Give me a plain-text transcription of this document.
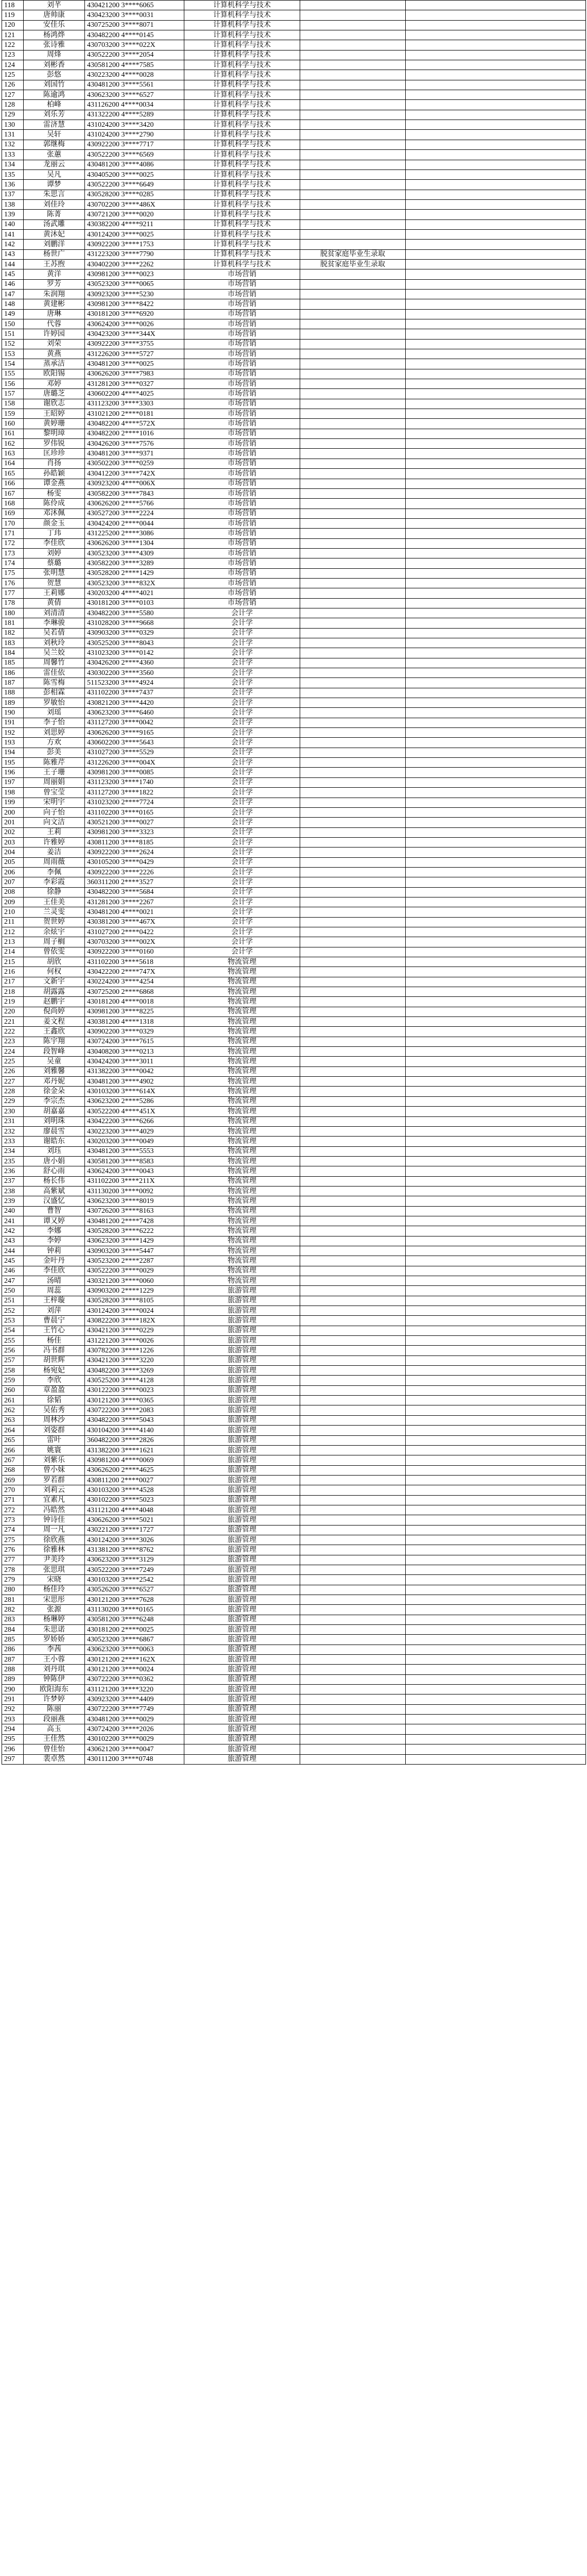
118	刘芊	430421200 3****6065	计算机科学与技术		
119	唐帅康	430423200 3****0031	计算机科学与技术		
120	安佳乐	430725200 3****8071	计算机科学与技术		
121	杨鸿烨	430482200 4****0145	计算机科学与技术		
122	张诗雅	430703200 3****022X	计算机科学与技术		
123	周烽	430522200 3****2054	计算机科学与技术		
124	刘彬香	430581200 4****7585	计算机科学与技术		
125	彭悠	430223200 4****0028	计算机科学与技术		
126	刘国竹	430481200 3****5561	计算机科学与技术		
127	陈逾鸿	430623200 3****6527	计算机科学与技术		
128	柏峰	431126200 4****0034	计算机科学与技术		
129	刘乐芳	431322200 4****5289	计算机科学与技术		
130	雷济慧	431024200 3****3420	计算机科学与技术		
131	吴轩	431024200 3****2790	计算机科学与技术		
132	郭继梅	430922200 3****7717	计算机科学与技术		
133	张蕙	430522200 3****6569	计算机科学与技术		
134	龙丽云	430481200 3****4086	计算机科学与技术		
135	吴凡	430405200 3****0025	计算机科学与技术		
136	谭梦	430522200 3****6649	计算机科学与技术		
137	朱思言	430528200 3****0285	计算机科学与技术		
138	刘佳玲	430702200 3****486X	计算机科学与技术		
139	陈菁	430721200 3****0020	计算机科学与技术		
140	汤武雕	430382200 4****9211	计算机科学与技术		
141	黄沐妃	430124200 3****0025	计算机科学与技术		
142	刘鹏洋	430922200 3****1753	计算机科学与技术		
143	杨世广	431223200 3****7790	计算机科学与技术	脱贫家庭毕业生录取	
144	王苏煦	430402200 3****2262	计算机科学与技术	脱贫家庭毕业生录取	
145	黄洋	430981200 3****0023	市场营销		
146	罗芳	430523200 3****0065	市场营销		
147	朱润翔	430923200 3****5230	市场营销		
148	黄建彬	430981200 3****8422	市场营销		
149	唐琳	430181200 3****6920	市场营销		
150	代蓉	430624200 3****0026	市场营销		
151	许婷园	430423200 3****344X	市场营销		
152	刘荣	430922200 3****3755	市场营销		
153	黄燕	431226200 3****5727	市场营销		
154	蒸承洁	430481200 3****0025	市场营销		
155	欧阳锡	430626200 3****7983	市场营销		
156	邓婷	431281200 3****0327	市场营销		
157	唐璐芝	430602200 4****4025	市场营销		
158	谢欣志	431123200 3****3303	市场营销		
159	王昭婷	431021200 2****0181	市场营销		
160	黄婷珊	430482200 4****572X	市场营销		
161	黎明璋	430482200 2****1016	市场营销		
162	罗伟锐	430426200 3****7576	市场营销		
163	匡珍珍	430481200 3****9371	市场营销		
164	肖扬	430502200 3****0259	市场营销		
165	孙皓颖	430412200 3****742X	市场营销		
166	谭金燕	430923200 4****006X	市场营销		
167	杨雯	430582200 3****7843	市场营销		
168	陈伶成	430626200 2****5766	市场营销		
169	邓沐佩	430527200 3****2224	市场营销		
170	颜金玉	430424200 2****0044	市场营销		
171	丁玮	431225200 2****3086	市场营销		
172	李佳欣	430626200 3****1304	市场营销		
173	刘婷	430523200 3****4309	市场营销		
174	蔡璐	430582200 3****3289	市场营销		
175	张明慧	430528200 2****1429	市场营销		
176	贺慧	430523200 3****832X	市场营销		
177	王莉娜	430203200 4****4021	市场营销		
178	黄倩	430181200 3****0103	市场营销		
180	刘清清	430482200 3****5580	会计学		
181	李琳骏	431028200 3****9668	会计学		
182	吴若倩	430903200 3****0329	会计学		
183	刘秋玲	430525200 3****8043	会计学		
184	吴兰姣	431023200 3****0142	会计学		
185	周馨竹	430426200 2****4360	会计学		
186	雷佳依	430302200 3****3560	会计学		
187	陈雪梅	511523200 3****4924	会计学		
188	彭相霖	431102200 3****7437	会计学		
189	罗敏怡	430821200 3****4420	会计学		
190	刘瑶	430623200 3****6460	会计学		
191	李子怡	431127200 3****0042	会计学		
192	刘思婷	430626200 3****9165	会计学		
193	方欢	430602200 3****5643	会计学		
194	彭美	431027200 3****5529	会计学		
195	陈雅芹	431226200 3****004X	会计学		
196	王子珊	430981200 3****0085	会计学		
197	周丽娟	431123200 3****1740	会计学		
198	曾宝莹	431127200 3****1822	会计学		
199	宋明宇	431023200 2****7724	会计学		
200	向子怡	431102200 3****0165	会计学		
201	向文洁	430521200 3****0027	会计学		
202	王莉	430981200 3****3323	会计学		
203	许雅婷	430811200 3****8185	会计学		
204	姜洁	430922200 3****2624	会计学		
205	周雨薇	430105200 3****0429	会计学		
206	李佩	430922200 3****2226	会计学		
207	李彩霞	360311200 2****3527	会计学		
208	徐静	430482200 3****5684	会计学		
209	王佳美	431281200 3****2267	会计学		
210	兰灵雯	430481200 4****0021	会计学		
211	贺世婷	430381200 3****467X	会计学		
212	余炫宇	431027200 2****0422	会计学		
213	周子榈	430703200 3****002X	会计学		
214	曾依雯	430922200 3****0160	会计学		
215	胡欣	431102200 3****5618	物流管理		
216	何权	430422200 2****747X	物流管理		
217	文新宇	430224200 3****4254	物流管理		
218	胡露露	430725200 2****6868	物流管理		
219	赵鹏宇	430181200 4****0018	物流管理		
220	倪尚婷	430981200 3****8225	物流管理		
221	姜文程	430381200 4****1318	物流管理		
222	王鑫欣	430902200 3****0329	物流管理		
223	陈宇翔	430724200 3****7615	物流管理		
224	段智峰	430408200 3****0213	物流管理		
225	吴童	430424200 3****3011	物流管理		
226	刘雅馨	431382200 3****0042	物流管理		
227	邓丹妮	430481200 3****4902	物流管理		
228	徐金朵	430103200 3****614X	物流管理		
229	李宗杰	430623200 2****5286	物流管理		
230	胡嘉嘉	430522200 4****451X	物流管理		
231	刘明珠	430422200 3****6266	物流管理		
232	廖晨雪	430223200 3****4029	物流管理		
233	谢皓东	430203200 3****0049	物流管理		
234	刘珏	430481200 3****5553	物流管理		
235	唐小娟	430581200 3****8583	物流管理		
236	舒心雨	430624200 3****0043	物流管理		
237	杨长伟	431102200 3****211X	物流管理		
238	高紫斌	431130200 3****0092	物流管理		
239	汉盛忆	430623200 3****8019	物流管理		
240	曹智	430726200 3****8163	物流管理		
241	谭又婷	430481200 2****7428	物流管理		
242	李娜	430528200 3****6222	物流管理		
243	李婷	430623200 3****1429	物流管理		
244	钟莉	430903200 3****5447	物流管理		
245	金叶丹	430523200 2****2287	物流管理		
246	李佳欣	430522200 3****0029	物流管理		
247	汤晴	430321200 3****0060	物流管理		
250	周蕊	430903200 2****1229	旅游管理		
251	王梓璇	430528200 3****8105	旅游管理		
252	刘萍	430124200 3****0024	旅游管理		
253	曹晨宁	430822200 3****182X	旅游管理		
254	王竹心	430421200 3****0229	旅游管理		
255	杨佳	431221200 3****0026	旅游管理		
256	冯书群	430782200 3****1226	旅游管理		
257	胡世辉	430421200 3****3220	旅游管理		
258	杨宛妃	430482200 3****3269	旅游管理		
259	李欣	430525200 3****4128	旅游管理		
260	章盈盈	430122200 3****0023	旅游管理		
261	徐韬	430121200 3****0365	旅游管理		
262	吴佑秀	430722200 3****2083	旅游管理		
263	周林沙	430482200 3****5043	旅游管理		
264	刘姿群	430104200 3****4140	旅游管理		
265	雷叶	360482200 3****2826	旅游管理		
266	姚寰	431382200 3****1621	旅游管理		
267	刘紫乐	430981200 4****0069	旅游管理		
268	曾小妹	430626200 2****4625	旅游管理		
269	罗若群	430811200 2****0027	旅游管理		
270	刘莉云	430103200 3****4528	旅游管理		
271	宜素凡	430102200 3****5023	旅游管理		
272	冯皓然	431121200 4****4048	旅游管理		
273	钟诗佳	430626200 3****5021	旅游管理		
274	周一凡	430221200 3****1727	旅游管理		
275	徐欣燕	430124200 3****3026	旅游管理		
276	徐雅林	431381200 3****8762	旅游管理		
277	尹美玲	430623200 3****3129	旅游管理		
278	张思琪	430522200 3****7249	旅游管理		
279	宋晓	430103200 3****2542	旅游管理		
280	杨佳玲	430526200 3****6527	旅游管理		
281	宋思彤	430121200 3****7628	旅游管理		
282	张源	431130200 3****0165	旅游管理		
283	杨琳婷	430581200 3****6248	旅游管理		
284	朱思诺	430181200 2****0025	旅游管理		
285	罗娇娇	430523200 3****6867	旅游管理		
286	李茜	430623200 3****0063	旅游管理		
287	王小蓉	430121200 2****162X	旅游管理		
288	刘丹琪	430121200 3****0024	旅游管理		
289	钟陈伊	430722200 3****0362	旅游管理		
290	欧阳海东	431121200 3****3220	旅游管理		
291	许梦婷	430923200 3****4409	旅游管理		
292	陈丽	430722200 3****7749	旅游管理		
293	段丽燕	430481200 3****0029	旅游管理		
294	高玉	430724200 3****2026	旅游管理		
295	王佳然	430102200 3****0029	旅游管理		
296	曾佳怡	430621200 3****0047	旅游管理		
297	裴卓然	430111200 3****0748	旅游管理		
